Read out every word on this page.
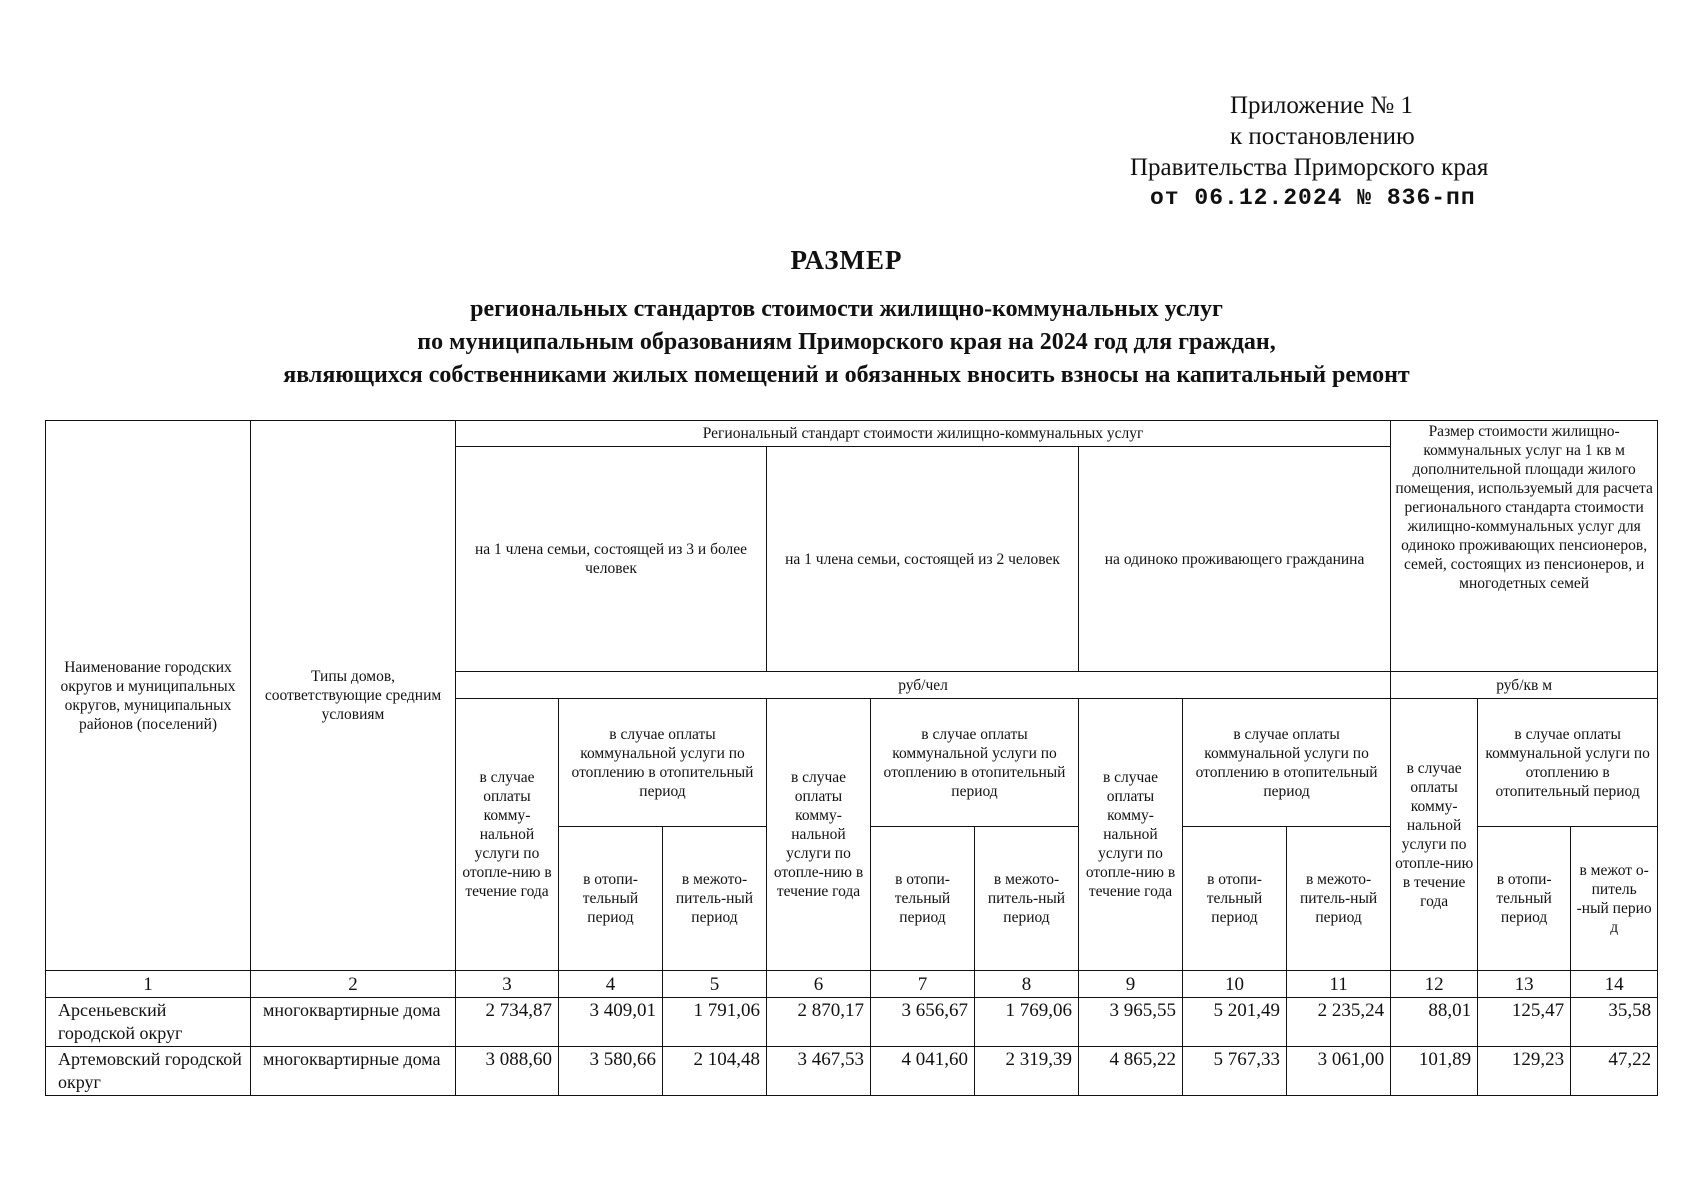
Приложение № 1
к постановлению
Правительства Приморского края
от 06.12.2024 № 836-пп
РАЗМЕР
региональных стандартов стоимости жилищно-коммунальных услуг
по муниципальным образованиям Приморского края на 2024 год для граждан,
являющихся собственниками жилых помещений и обязанных вносить взносы на капитальный ремонт
Наименование городских округов и муниципальных округов, муниципальных районов (поселений)	Типы домов, соответствующие средним условиям	Региональный стандарт стоимости жилищно-коммунальных услуг									Размер стоимости жилищно-коммунальных услуг на 1 кв м дополнительной площади жилого помещения, используемый для расчета регионального стандарта стоимости жилищно-коммунальных услуг для одиноко проживающих пенсионеров, семей, состоящих из пенсионеров, и многодетных семей		
		на 1 члена семьи, состоящей из 3 и более человек			на 1 члена семьи, состоящей из 2 человек			на одиноко проживающего гражданина					
		руб/чел									руб/кв м		
		в случае оплаты комму-нальной услуги по отопле-нию в течение года	в случае оплаты коммунальной услуги по отоплению в отопительный период		в случае оплаты комму-нальной услуги по отопле-нию в течение года	в случае оплаты коммунальной услуги по отоплению в отопительный период		в случае оплаты комму-нальной услуги по отопле-нию в течение года	в случае оплаты коммунальной услуги по отоплению в отопительный период		в случае оплаты комму-нальной услуги по отопле-нию в течение года	в случае оплаты коммунальной услуги по отоплению в отопительный период	
			в отопи-тельный период	в межото-питель-ный период		в отопи-тельный период	в межото-питель-ный период		в отопи-тельный период	в межото-питель-ный период		в отопи-тельный период	в межот о-питель -ный перио д

1	2	3	4	5	6	7	8	9	10	11	12	13	14
Арсеньевский городской округ	многоквартирные дома	2 734,87	3 409,01	1 791,06	2 870,17	3 656,67	1 769,06	3 965,55	5 201,49	2 235,24	88,01	125,47	35,58
Артемовский городской округ	многоквартирные дома	3 088,60	3 580,66	2 104,48	3 467,53	4 041,60	2 319,39	4 865,22	5 767,33	3 061,00	101,89	129,23	47,22
